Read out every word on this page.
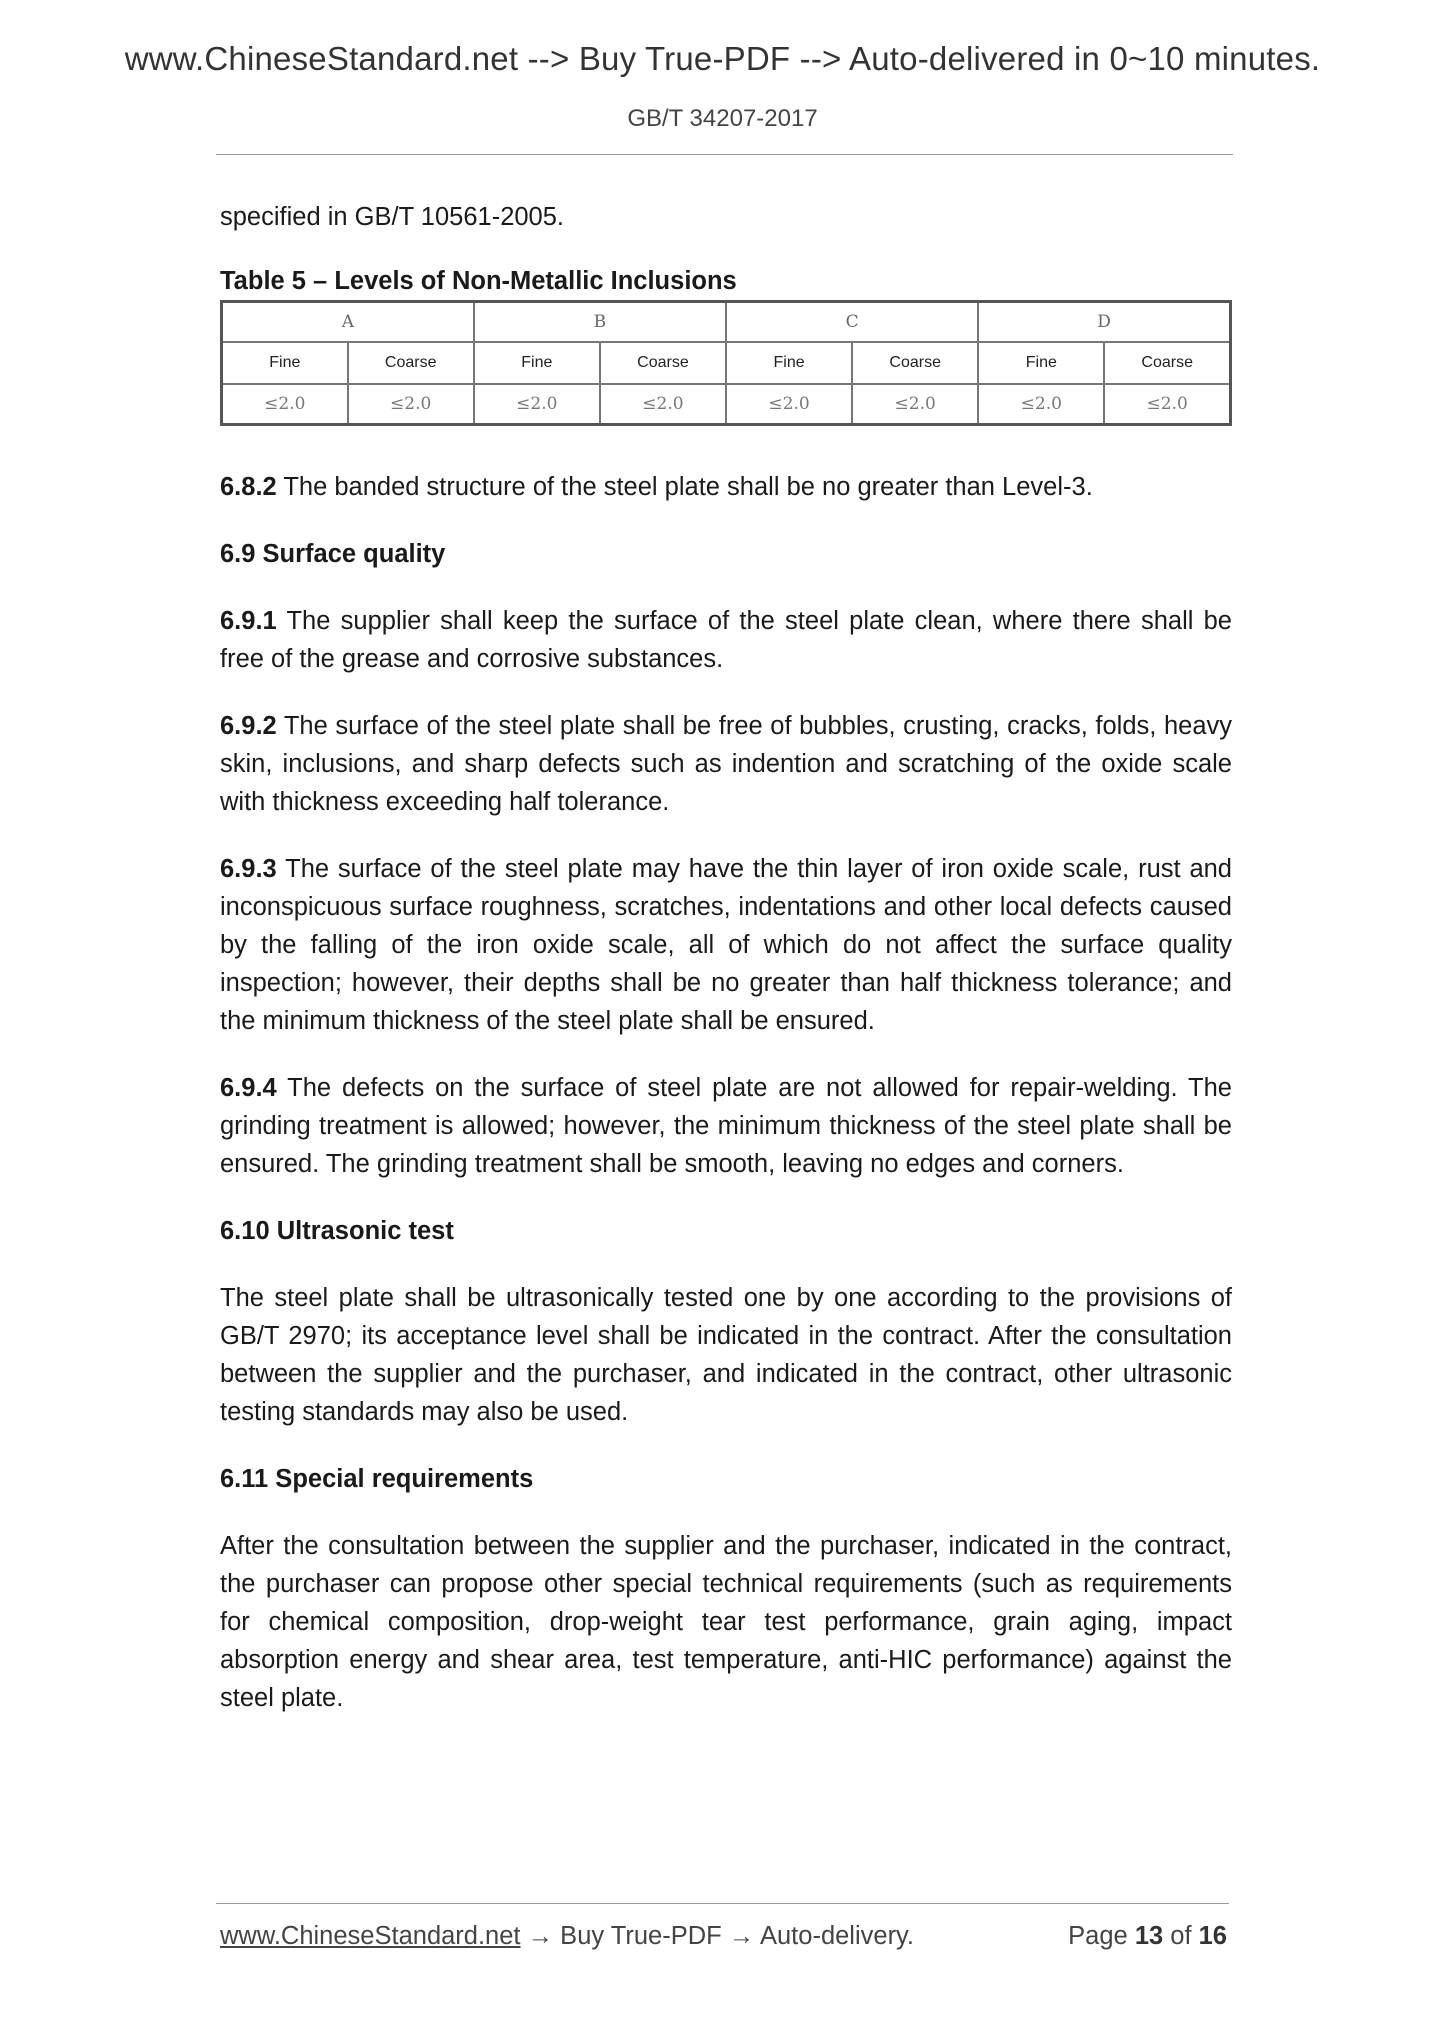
www.ChineseStandard.net --> Buy True-PDF --> Auto-delivered in 0~10 minutes.
GB/T 34207-2017

specified in GB/T 10561-2005.

Table 5 – Levels of Non-Metallic Inclusions

A		B		C		D	
Fine	Coarse	Fine	Coarse	Fine	Coarse	Fine	Coarse
≤2.0	≤2.0	≤2.0	≤2.0	≤2.0	≤2.0	≤2.0	≤2.0

6.8.2 The banded structure of the steel plate shall be no greater than Level-3.

6.9 Surface quality

6.9.1 The supplier shall keep the surface of the steel plate clean, where there shall be free of the grease and corrosive substances.

6.9.2 The surface of the steel plate shall be free of bubbles, crusting, cracks, folds, heavy skin, inclusions, and sharp defects such as indention and scratching of the oxide scale with thickness exceeding half tolerance.

6.9.3 The surface of the steel plate may have the thin layer of iron oxide scale, rust and inconspicuous surface roughness, scratches, indentations and other local defects caused by the falling of the iron oxide scale, all of which do not affect the surface quality inspection; however, their depths shall be no greater than half thickness tolerance; and the minimum thickness of the steel plate shall be ensured.

6.9.4 The defects on the surface of steel plate are not allowed for repair-welding. The grinding treatment is allowed; however, the minimum thickness of the steel plate shall be ensured. The grinding treatment shall be smooth, leaving no edges and corners.

6.10 Ultrasonic test

The steel plate shall be ultrasonically tested one by one according to the provisions of GB/T 2970; its acceptance level shall be indicated in the contract. After the consultation between the supplier and the purchaser, and indicated in the contract, other ultrasonic testing standards may also be used.

6.11 Special requirements

After the consultation between the supplier and the purchaser, indicated in the contract, the purchaser can propose other special technical requirements (such as requirements for chemical composition, drop-weight tear test performance, grain aging, impact absorption energy and shear area, test temperature, anti-HIC performance) against the steel plate.

www.ChineseStandard.net → Buy True-PDF → Auto-delivery.	Page 13 of 16
